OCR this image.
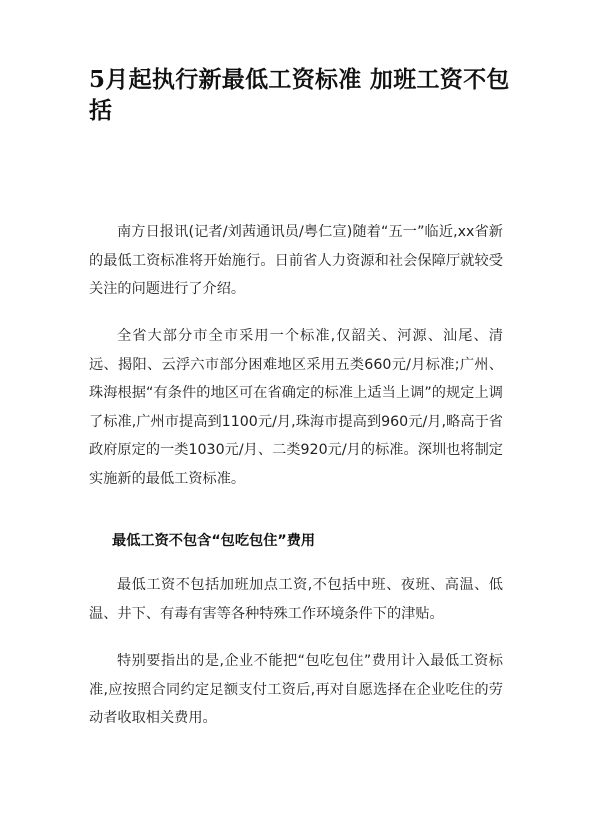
5月起执行新最低工资标准 加班工资不包括

南方日报讯(记者/刘茜通讯员/粤仁宣)随着“五一”临近,xx省新的最低工资标准将开始施行。日前省人力资源和社会保障厅就较受关注的问题进行了介绍。

全省大部分市全市采用一个标准,仅韶关、河源、汕尾、清远、揭阳、云浮六市部分困难地区采用五类660元/月标准;广州、珠海根据“有条件的地区可在省确定的标准上适当上调”的规定上调了标准,广州市提高到1100元/月,珠海市提高到960元/月,略高于省政府原定的一类1030元/月、二类920元/月的标准。深圳也将制定实施新的最低工资标准。

最低工资不包含“包吃包住”费用

最低工资不包括加班加点工资,不包括中班、夜班、高温、低温、井下、有毒有害等各种特殊工作环境条件下的津贴。

特别要指出的是,企业不能把“包吃包住”费用计入最低工资标准,应按照合同约定足额支付工资后,再对自愿选择在企业吃住的劳动者收取相关费用。
